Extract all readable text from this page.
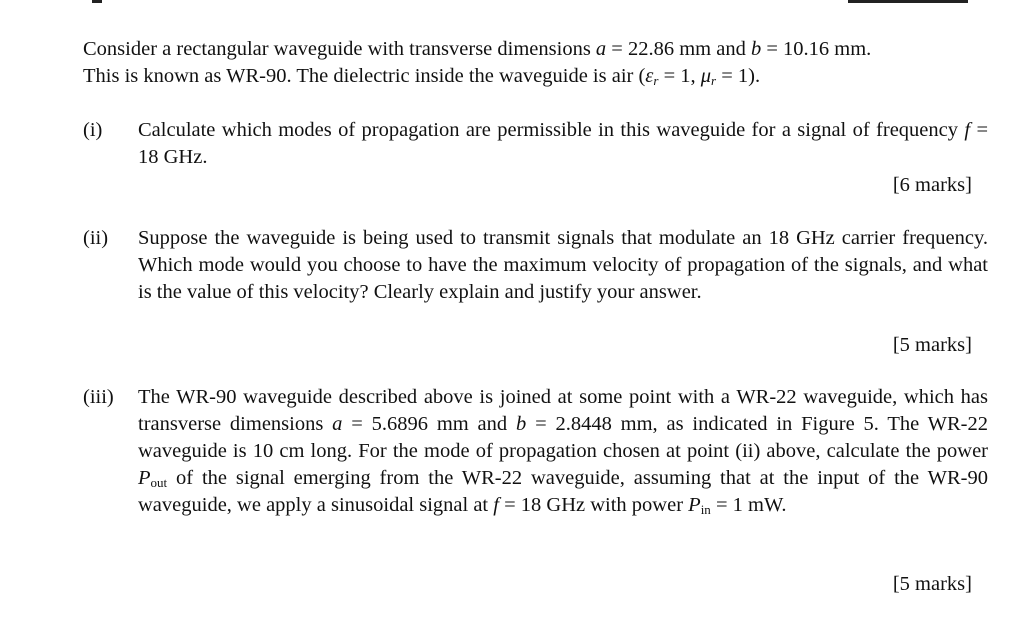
Consider a rectangular waveguide with transverse dimensions a = 22.86 mm and b = 10.16 mm.
This is known as WR-90. The dielectric inside the waveguide is air ($\varepsilon_r = 1$, $\mu_r = 1$).
(i) Calculate which modes of propagation are permissible in this waveguide for a signal of frequency f = 18 GHz.
[6 marks]
(ii) Suppose the waveguide is being used to transmit signals that modulate an 18 GHz carrier frequency. Which mode would you choose to have the maximum velocity of propagation of the signals, and what is the value of this velocity? Clearly explain and justify your answer.
[5 marks]
(iii) The WR-90 waveguide described above is joined at some point with a WR-22 waveguide, which has transverse dimensions a = 5.6896 mm and b = 2.8448 mm, as indicated in Figure 5. The WR-22 waveguide is 10 cm long. For the mode of propagation chosen at point (ii) above, calculate the power $P_{out}$ of the signal emerging from the WR-22 waveguide, assuming that at the input of the WR-90 waveguide, we apply a sinusoidal signal at f = 18 GHz with power $P_{in} = 1$ mW.
[5 marks]
